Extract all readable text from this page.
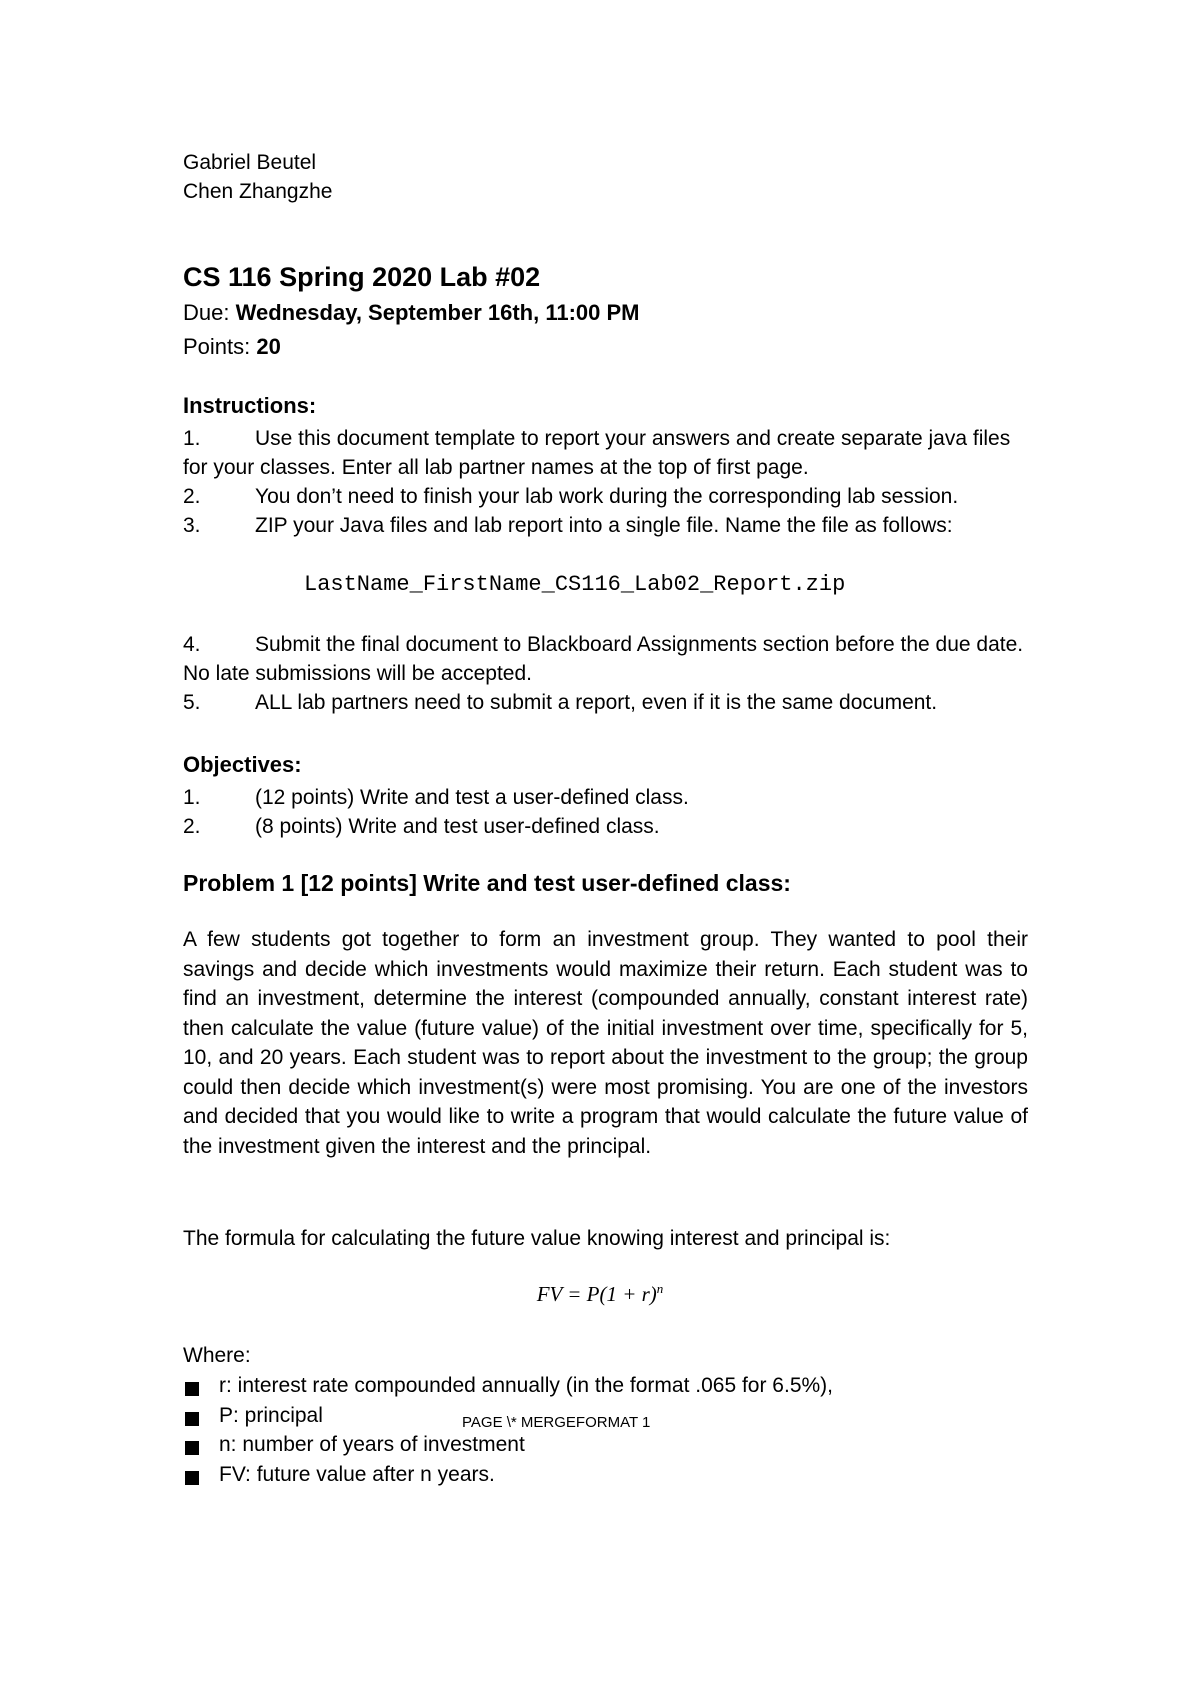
Gabriel Beutel
Chen Zhangzhe
CS 116 Spring 2020 Lab #02
Due: Wednesday, September 16th, 11:00 PM
Points: 20
Instructions:
1.	Use this document template to report your answers and create separate java files for your classes. Enter all lab partner names at the top of first page.
2.	You don’t need to finish your lab work during the corresponding lab session.
3.	ZIP your Java files and lab report into a single file. Name the file as follows:
LastName_FirstName_CS116_Lab02_Report.zip
4.	Submit the final document to Blackboard Assignments section before the due date. No late submissions will be accepted.
5.	ALL lab partners need to submit a report, even if it is the same document.
Objectives:
1.	(12 points) Write and test a user-defined class.
2.	(8 points) Write and test user-defined class.
Problem 1 [12 points] Write and test user-defined class:
A few students got together to form an investment group. They wanted to pool their savings and decide which investments would maximize their return. Each student was to find an investment, determine the interest (compounded annually, constant interest rate) then calculate the value (future value) of the initial investment over time, specifically for 5, 10, and 20 years. Each student was to report about the investment to the group; the group could then decide which investment(s) were most promising. You are one of the investors and decided that you would like to write a program that would calculate the future value of the investment given the interest and the principal.
The formula for calculating the future value knowing interest and principal is:
FV = $P(1 + r)^n$
Where:
r: interest rate compounded annually (in the format .065 for 6.5%),
P: principal
n: number of years of investment
FV: future value after n years.
PAGE \* MERGEFORMAT 1
